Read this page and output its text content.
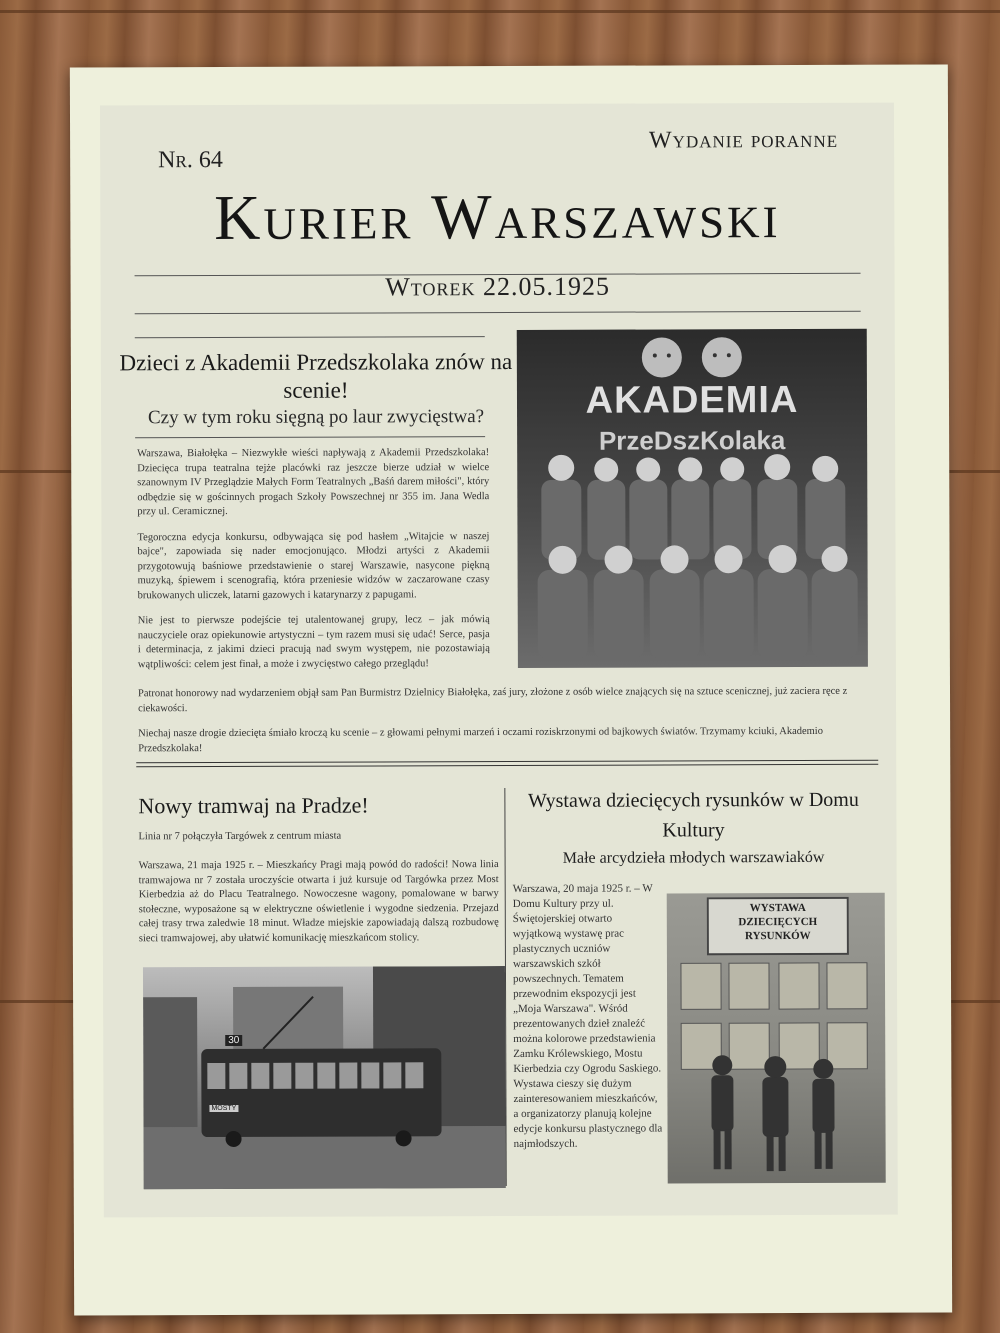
Nr. 64
Wydanie poranne
Kurier Warszawski
Wtorek 22.05.1925
Dzieci z Akademii Przedszkolaka znów na scenie!
Czy w tym roku sięgną po laur zwycięstwa?

Warszawa, Białołęka – Niezwykłe wieści napływają z Akademii Przedszkolaka! Dziecięca trupa teatralna tejże placówki raz jeszcze bierze udział w wielce szanownym IV Przeglądzie Małych Form Teatralnych „Baśń darem miłości", który odbędzie się w gościnnych progach Szkoły Powszechnej nr 355 im. Jana Wedla przy ul. Ceramicznej.

Tegoroczna edycja konkursu, odbywająca się pod hasłem „Witajcie w naszej bajce", zapowiada się nader emocjonująco. Młodzi artyści z Akademii przygotowują baśniowe przedstawienie o starej Warszawie, nasycone piękną muzyką, śpiewem i scenografią, która przeniesie widzów w zaczarowane czasy brukowanych uliczek, latarni gazowych i katarynarzy z papugami.

Nie jest to pierwsze podejście tej utalentowanej grupy, lecz – jak mówią nauczyciele oraz opiekunowie artystyczni – tym razem musi się udać! Serce, pasja i determinacja, z jakimi dzieci pracują nad swym występem, nie pozostawiają wątpliwości: celem jest finał, a może i zwycięstwo całego przeglądu!

AKADEMIA
PrzeDszKolaka

Patronat honorowy nad wydarzeniem objął sam Pan Burmistrz Dzielnicy Białołęka, zaś jury, złożone z osób wielce znających się na sztuce scenicznej, już zaciera ręce z ciekawości.

Niechaj nasze drogie dziecięta śmiało kroczą ku scenie – z głowami pełnymi marzeń i oczami roziskrzonymi od bajkowych światów. Trzymamy kciuki, Akademio Przedszkolaka!

Nowy tramwaj na Pradze!
Linia nr 7 połączyła Targówek z centrum miasta

Warszawa, 21 maja 1925 r. – Mieszkańcy Pragi mają powód do radości! Nowa linia tramwajowa nr 7 została uroczyście otwarta i już kursuje od Targówka przez Most Kierbedzia aż do Placu Teatralnego. Nowoczesne wagony, pomalowane w barwy stołeczne, wyposażone są w elektryczne oświetlenie i wygodne siedzenia. Przejazd całej trasy trwa zaledwie 18 minut. Władze miejskie zapowiadają dalszą rozbudowę sieci tramwajowej, aby ułatwić komunikację mieszkańcom stolicy.

30
MOSTY
Wystawa dziecięcych rysunków w Domu Kultury
Małe arcydzieła młodych warszawiaków

Warszawa, 20 maja 1925 r. – W Domu Kultury przy ul. Świętojerskiej otwarto wyjątkową wystawę prac plastycznych uczniów warszawskich szkół powszechnych. Tematem przewodnim ekspozycji jest „Moja Warszawa". Wśród prezentowanych dzieł znaleźć można kolorowe przedstawienia Zamku Królewskiego, Mostu Kierbedzia czy Ogrodu Saskiego. Wystawa cieszy się dużym zainteresowaniem mieszkańców, a organizatorzy planują kolejne edycje konkursu plastycznego dla najmłodszych.

WYSTAWA
DZIECIĘCYCH
RYSUNKÓW
